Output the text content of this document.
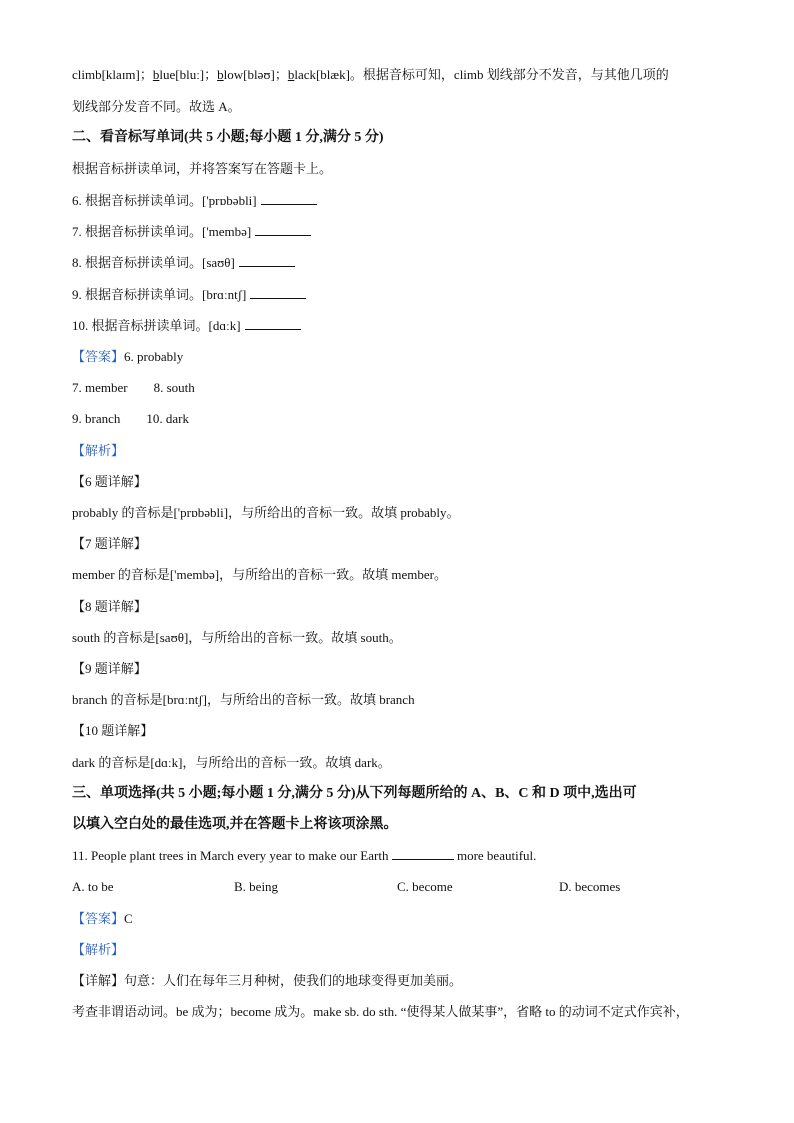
climb[klaɪm]；blue[bluː]；blow[bləʊ]；black[blæk]。根据音标可知，climb 划线部分不发音，与其他几项的
划线部分发音不同。故选 A。
二、看音标写单词(共 5 小题;每小题 1 分,满分 5 分)
根据音标拼读单词，并将答案写在答题卡上。
6. 根据音标拼读单词。['prɒbəbli]
7. 根据音标拼读单词。['membə]
8. 根据音标拼读单词。[saʊθ]
9. 根据音标拼读单词。[brɑːntʃ]
10. 根据音标拼读单词。[dɑːk]
【答案】6. probably
7. member 8. south
9. branch 10. dark
【解析】
【6 题详解】
probably 的音标是['prɒbəbli]，与所给出的音标一致。故填 probably。
【7 题详解】
member 的音标是['membə]，与所给出的音标一致。故填 member。
【8 题详解】
south 的音标是[saʊθ]，与所给出的音标一致。故填 south。
【9 题详解】
branch 的音标是[brɑːntʃ]，与所给出的音标一致。故填 branch
【10 题详解】
dark 的音标是[dɑːk]，与所给出的音标一致。故填 dark。
三、单项选择(共 5 小题;每小题 1 分,满分 5 分)从下列每题所给的 A、B、C 和 D 项中,选出可
以填入空白处的最佳选项,并在答题卡上将该项涂黑。
11. People plant trees in March every year to make our Earth	more beautiful.
A. to be	B. being	C. become	D. becomes
【答案】C
【解析】
【详解】句意：人们在每年三月种树，使我们的地球变得更加美丽。
考查非谓语动词。be 成为；become 成为。make sb. do sth. “使得某人做某事”，省略 to 的动词不定式作宾补，
